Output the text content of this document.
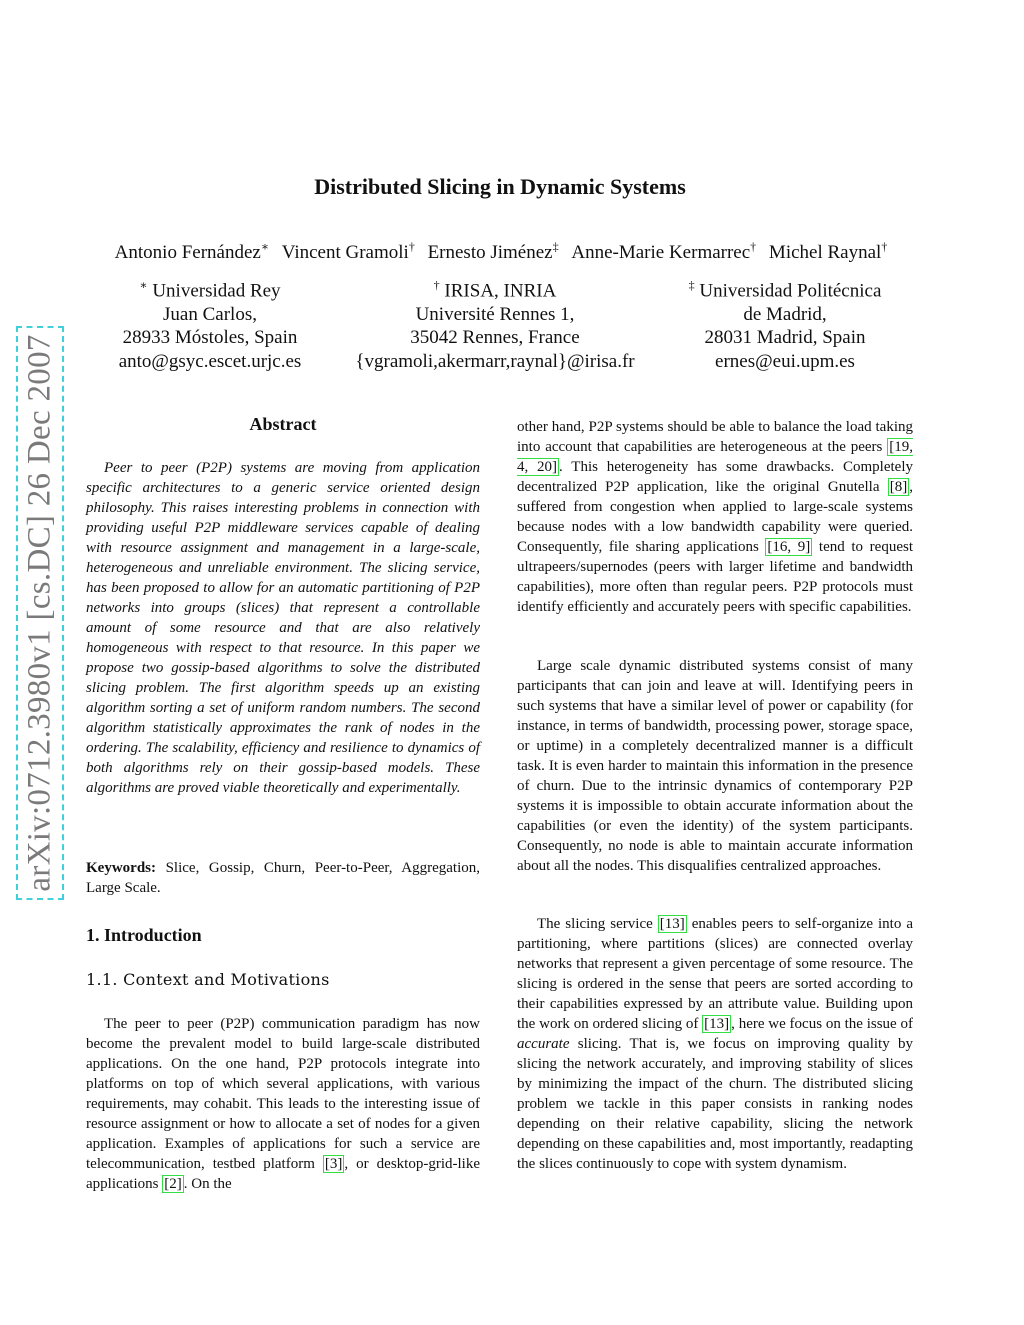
arXiv:0712.3980v1 [cs.DC] 26 Dec 2007
Distributed Slicing in Dynamic Systems
Antonio Fernández∗ Vincent Gramoli† Ernesto Jiménez‡ Anne-Marie Kermarrec† Michel Raynal†
∗ Universidad Rey
Juan Carlos,
28933 Móstoles, Spain
anto@gsyc.escet.urjc.es
† IRISA, INRIA
Université Rennes 1,
35042 Rennes, France
{vgramoli,akermarr,raynal}@irisa.fr
‡ Universidad Politécnica
de Madrid,
28031 Madrid, Spain
ernes@eui.upm.es
Abstract
Peer to peer (P2P) systems are moving from application specific architectures to a generic service oriented design philosophy. This raises interesting problems in connection with providing useful P2P middleware services capable of dealing with resource assignment and management in a large-scale, heterogeneous and unreliable environment. The slicing service, has been proposed to allow for an automatic partitioning of P2P networks into groups (slices) that represent a controllable amount of some resource and that are also relatively homogeneous with respect to that resource. In this paper we propose two gossip-based algorithms to solve the distributed slicing problem. The first algorithm speeds up an existing algorithm sorting a set of uniform random numbers. The second algorithm statistically approximates the rank of nodes in the ordering. The scalability, efficiency and resilience to dynamics of both algorithms rely on their gossip-based models. These algorithms are proved viable theoretically and experimentally.
Keywords: Slice, Gossip, Churn, Peer-to-Peer, Aggregation, Large Scale.
1. Introduction
1.1. Context and Motivations
The peer to peer (P2P) communication paradigm has now become the prevalent model to build large-scale distributed applications. On the one hand, P2P protocols integrate into platforms on top of which several applications, with various requirements, may cohabit. This leads to the interesting issue of resource assignment or how to allocate a set of nodes for a given application. Examples of applications for such a service are telecommunication, testbed platform [3] , or desktop-grid-like applications [2] . On the
other hand, P2P systems should be able to balance the load taking into account that capabilities are heterogeneous at the peers [19, 4, 20] . This heterogeneity has some drawbacks. Completely decentralized P2P application, like the original Gnutella [8] , suffered from congestion when applied to large-scale systems because nodes with a low bandwidth capability were queried. Consequently, file sharing applications [16, 9] tend to request ultrapeers/supernodes (peers with larger lifetime and bandwidth capabilities), more often than regular peers. P2P protocols must identify efficiently and accurately peers with specific capabilities.
Large scale dynamic distributed systems consist of many participants that can join and leave at will. Identifying peers in such systems that have a similar level of power or capability (for instance, in terms of bandwidth, processing power, storage space, or uptime) in a completely decentralized manner is a difficult task. It is even harder to maintain this information in the presence of churn. Due to the intrinsic dynamics of contemporary P2P systems it is impossible to obtain accurate information about the capabilities (or even the identity) of the system participants. Consequently, no node is able to maintain accurate information about all the nodes. This disqualifies centralized approaches.
The slicing service [13] enables peers to self-organize into a partitioning, where partitions (slices) are connected overlay networks that represent a given percentage of some resource. The slicing is ordered in the sense that peers are sorted according to their capabilities expressed by an attribute value. Building upon the work on ordered slicing of [13] , here we focus on the issue of accurate slicing. That is, we focus on improving quality by slicing the network accurately, and improving stability of slices by minimizing the impact of the churn. The distributed slicing problem we tackle in this paper consists in ranking nodes depending on their relative capability, slicing the network depending on these capabilities and, most importantly, readapting the slices continuously to cope with system dynamism.
